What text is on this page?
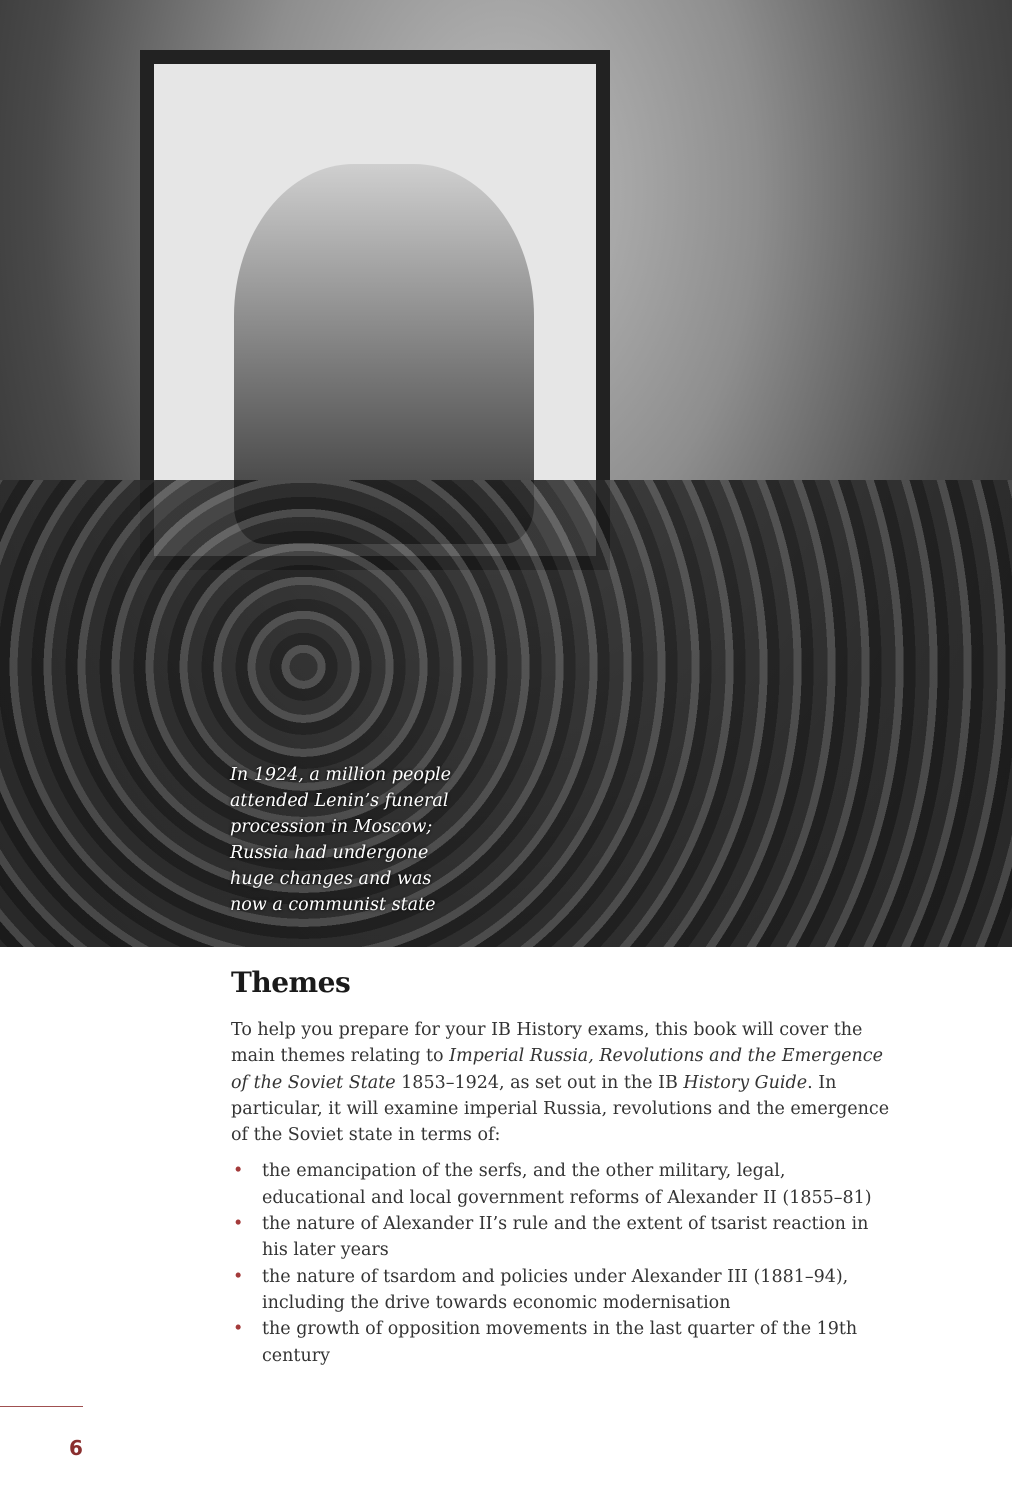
In 1924, a million people
attended Lenin’s funeral
procession in Moscow;
Russia had undergone
huge changes and was
now a communist state
Themes

To help you prepare for your IB History exams, this book will cover the main themes relating to Imperial Russia, Revolutions and the Emergence of the Soviet State 1853–1924, as set out in the IB History Guide. In particular, it will examine imperial Russia, revolutions and the emergence of the Soviet state in terms of:

• the emancipation of the serfs, and the other military, legal, educational and local government reforms of Alexander II (1855–81)
• the nature of Alexander II’s rule and the extent of tsarist reaction in his later years
• the nature of tsardom and policies under Alexander III (1881–94), including the drive towards economic modernisation
• the growth of opposition movements in the last quarter of the 19th century
6
